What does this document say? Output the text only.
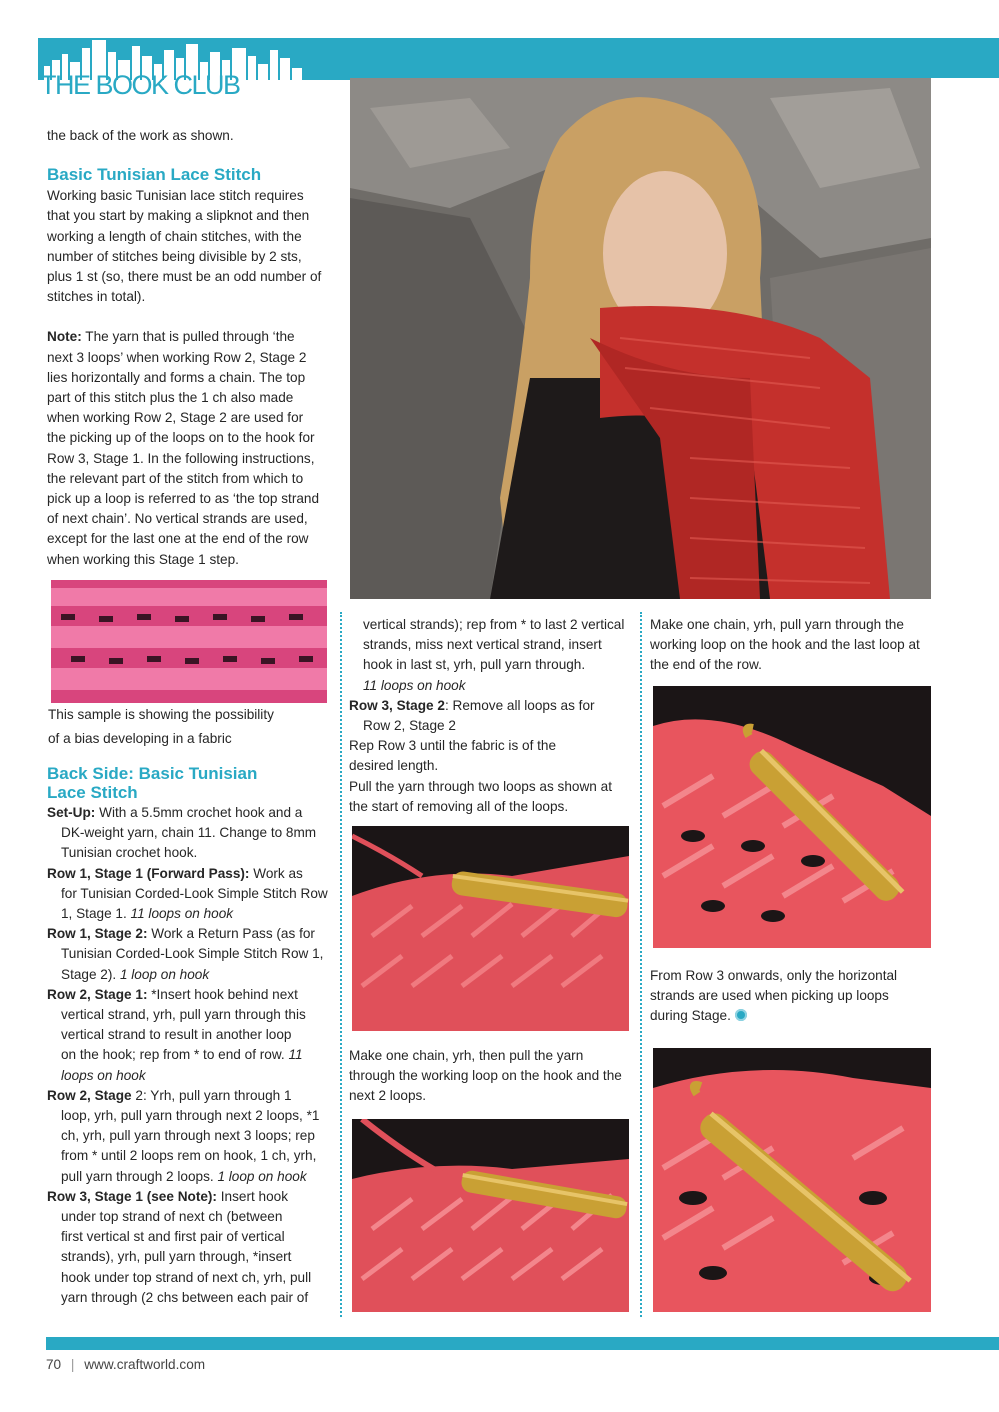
THE BOOK CLUB

the back of the work as shown.

Basic Tunisian Lace Stitch

Working basic Tunisian lace stitch requires

that you start by making a slipknot and then

working a length of chain stitches, with the

number of stitches being divisible by 2 sts,

plus 1 st (so, there must be an odd number of

stitches in total).

Note: The yarn that is pulled through ‘the

next 3 loops’ when working Row 2, Stage 2

lies horizontally and forms a chain. The top

part of this stitch plus the 1 ch also made

when working Row 2, Stage 2 are used for

the picking up of the loops on to the hook for

Row 3, Stage 1. In the following instructions,

the relevant part of the stitch from which to

pick up a loop is referred to as ‘the top strand

of next chain’. No vertical strands are used,

except for the last one at the end of the row

when working this Stage 1 step.

This sample is showing the possibility
of a bias developing in a fabric
Back Side: Basic Tunisian
Lace Stitch

Set-Up: With a 5.5mm crochet hook and a

DK-weight yarn, chain 11. Change to 8mm

Tunisian crochet hook.

Row 1, Stage 1 (Forward Pass): Work as

for Tunisian Corded-Look Simple Stitch Row

1, Stage 1. 11 loops on hook

Row 1, Stage 2: Work a Return Pass (as for

Tunisian Corded-Look Simple Stitch Row 1,

Stage 2). 1 loop on hook

Row 2, Stage 1: *Insert hook behind next

vertical strand, yrh, pull yarn through this

vertical strand to result in another loop

on the hook; rep from * to end of row. 11 loops on hook

Row 2, Stage 2: Yrh, pull yarn through 1

loop, yrh, pull yarn through next 2 loops, *1

ch, yrh, pull yarn through next 3 loops; rep

from * until 2 loops rem on hook, 1 ch, yrh,

pull yarn through 2 loops. 1 loop on hook

Row 3, Stage 1 (see Note): Insert hook

under top strand of next ch (between

first vertical st and first pair of vertical

strands), yrh, pull yarn through, *insert

hook under top strand of next ch, yrh, pull

yarn through (2 chs between each pair of

vertical strands); rep from * to last 2 vertical

strands, miss next vertical strand, insert

hook in last st, yrh, pull yarn through.

11 loops on hook

Row 3, Stage 2: Remove all loops as for

Row 2, Stage 2

Rep Row 3 until the fabric is of the

desired length.

Pull the yarn through two loops as shown at

the start of removing all of the loops.

Make one chain, yrh, then pull the yarn

through the working loop on the hook and the

next 2 loops.

Make one chain, yrh, pull yarn through the

working loop on the hook and the last loop at

the end of the row.

From Row 3 onwards, only the horizontal

strands are used when picking up loops

during Stage.

70 | www.craftworld.com
